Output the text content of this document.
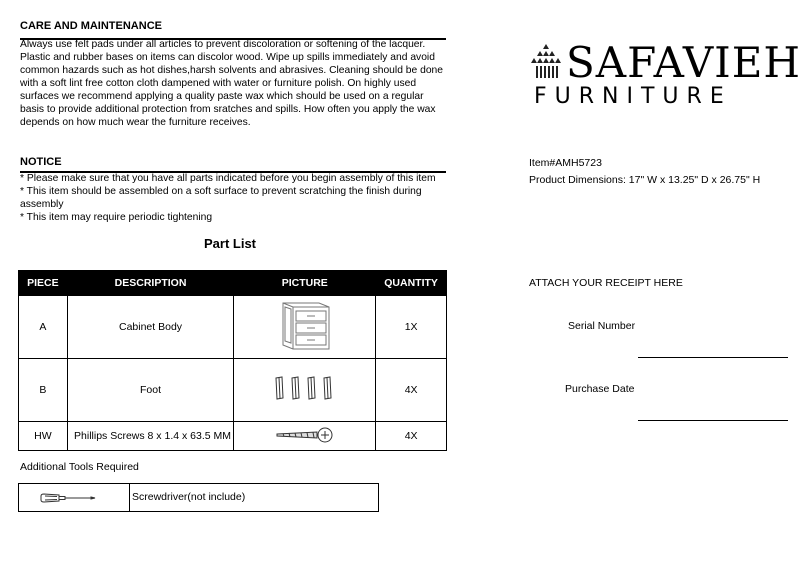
CARE AND MAINTENANCE
Always use felt pads under all articles to prevent discoloration or softening of the lacquer. Plastic and rubber bases on items can discolor wood. Wipe up spills immediately and avoid common hazards such as hot dishes,harsh solvents and abrasives. Cleaning should be done with a soft lint free cotton cloth dampened with water or furniture polish. On highly used surfaces we recommend applying a quality paste wax which should be used on a regular basis to provide additional protection from sratches and spills. How often you apply the wax depends on how much wear the furniture receives.
NOTICE
* Please make sure that you have all parts indicated before you begin assembly of this item
* This item should be assembled on a soft surface to prevent scratching the finish during assembly
* This item may require periodic tightening
Part List
PIECE	DESCRIPTION	PICTURE	QUANTITY
A	Cabinet Body		1X
B	Foot		4X
HW	Phillips Screws 8 x 1.4 x 63.5 MM		4X
Additional Tools Required
Screwdriver(not include)
SAFAVIEH
FURNITURE
Item#AMH5723
Product Dimensions: 17" W x 13.25" D x 26.75" H
ATTACH YOUR RECEIPT HERE
Serial Number
Purchase Date
